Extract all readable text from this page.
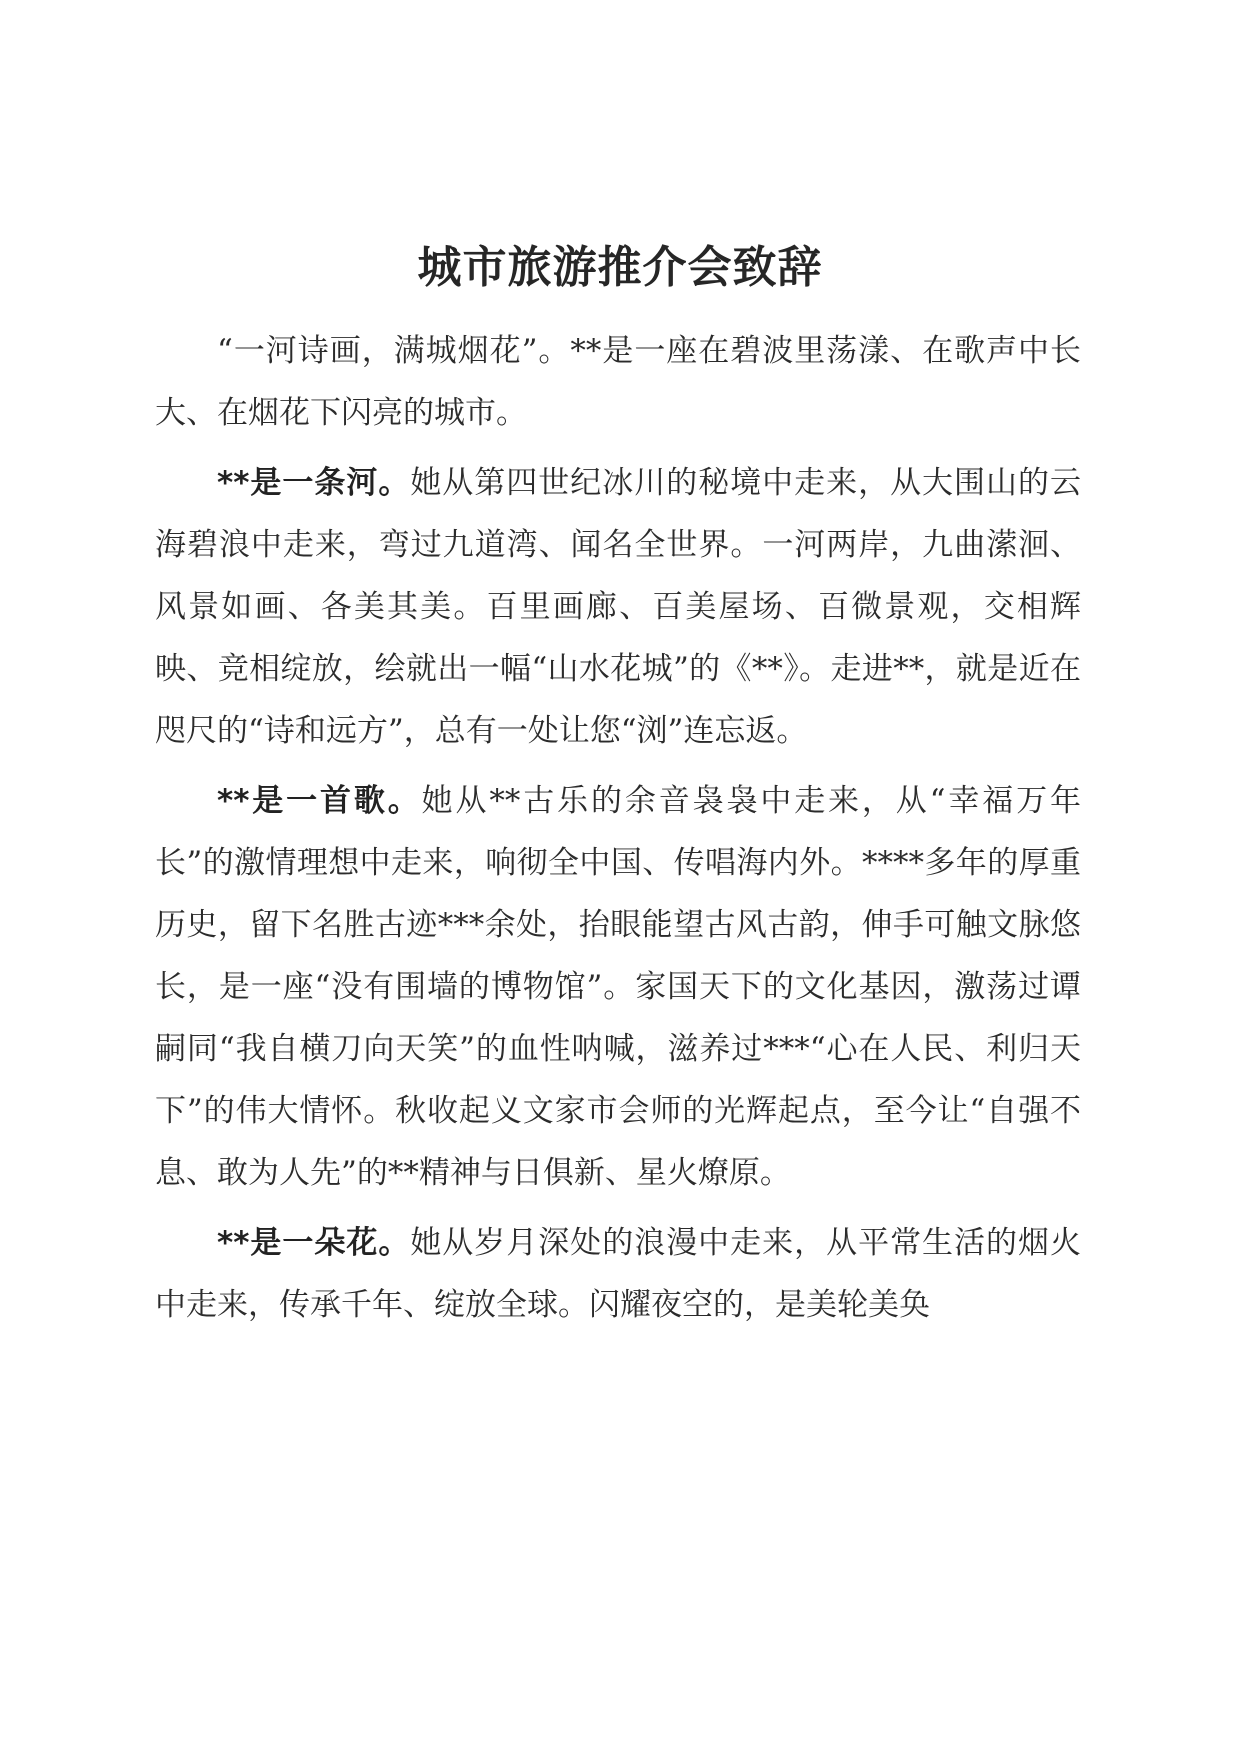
城市旅游推介会致辞

“一河诗画，满城烟花”。**是一座在碧波里荡漾、在歌声中长大、在烟花下闪亮的城市。

**是一条河。她从第四世纪冰川的秘境中走来，从大围山的云海碧浪中走来，弯过九道湾、闻名全世界。一河两岸，九曲潆洄、风景如画、各美其美。百里画廊、百美屋场、百微景观，交相辉映、竞相绽放，绘就出一幅“山水花城”的《**》。走进**，就是近在咫尺的“诗和远方”，总有一处让您“浏”连忘返。

**是一首歌。她从**古乐的余音袅袅中走来，从“幸福万年长”的激情理想中走来，响彻全中国、传唱海内外。****多年的厚重历史，留下名胜古迹***余处，抬眼能望古风古韵，伸手可触文脉悠长，是一座“没有围墙的博物馆”。家国天下的文化基因，激荡过谭嗣同“我自横刀向天笑”的血性呐喊，滋养过***“心在人民、利归天下”的伟大情怀。秋收起义文家市会师的光辉起点，至今让“自强不息、敢为人先”的**精神与日俱新、星火燎原。

**是一朵花。她从岁月深处的浪漫中走来，从平常生活的烟火中走来，传承千年、绽放全球。闪耀夜空的，是美轮美奂
